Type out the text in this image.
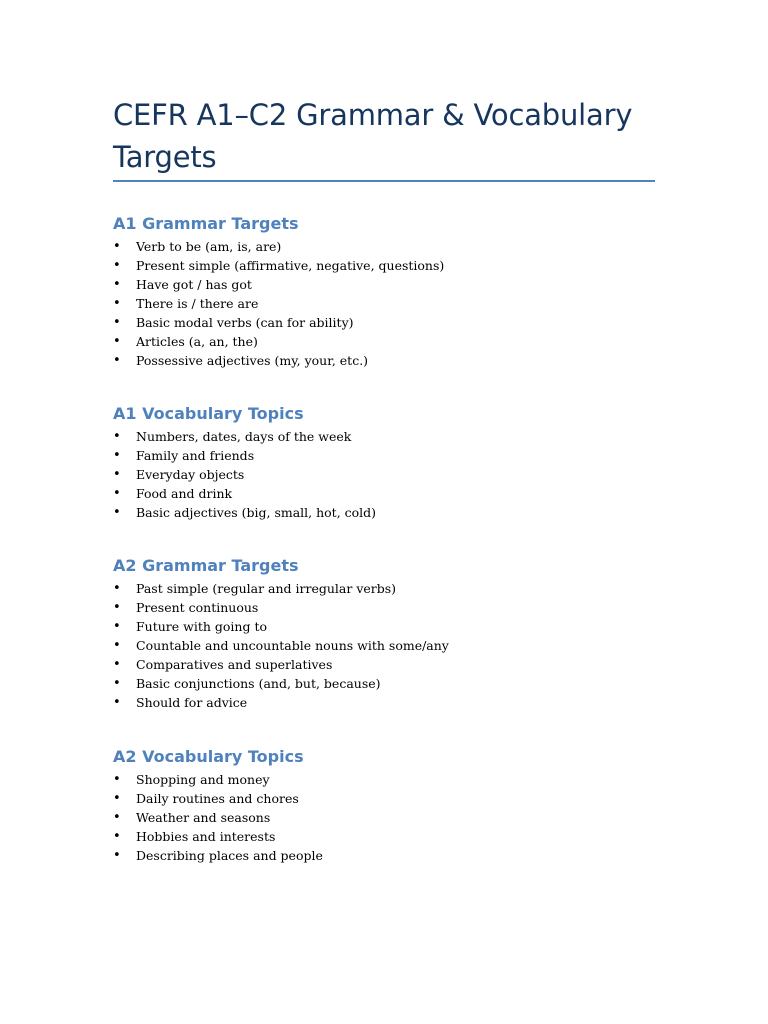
CEFR A1–C2 Grammar & Vocabulary Targets
A1 Grammar Targets
•	Verb to be (am, is, are)
•	Present simple (affirmative, negative, questions)
•	Have got / has got
•	There is / there are
•	Basic modal verbs (can for ability)
•	Articles (a, an, the)
•	Possessive adjectives (my, your, etc.)
A1 Vocabulary Topics
•	Numbers, dates, days of the week
•	Family and friends
•	Everyday objects
•	Food and drink
•	Basic adjectives (big, small, hot, cold)
A2 Grammar Targets
•	Past simple (regular and irregular verbs)
•	Present continuous
•	Future with going to
•	Countable and uncountable nouns with some/any
•	Comparatives and superlatives
•	Basic conjunctions (and, but, because)
•	Should for advice
A2 Vocabulary Topics
•	Shopping and money
•	Daily routines and chores
•	Weather and seasons
•	Hobbies and interests
•	Describing places and people
